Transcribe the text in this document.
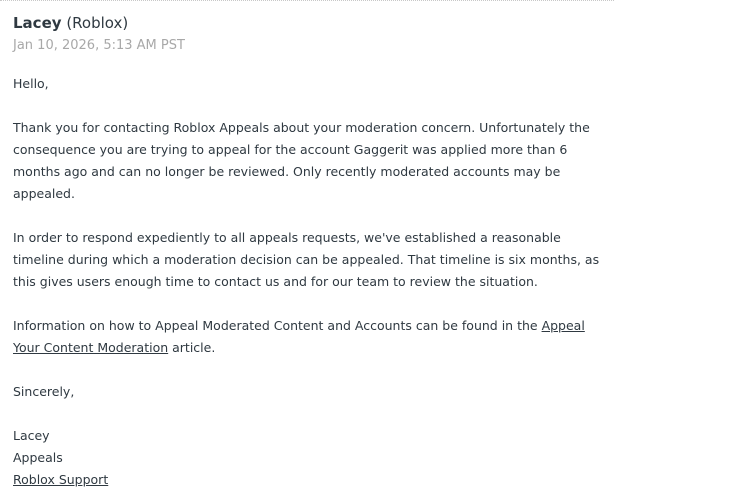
Lacey (Roblox)
Jan 10, 2026, 5:13 AM PST

Hello,

Thank you for contacting Roblox Appeals about your moderation concern. Unfortunately the consequence you are trying to appeal for the account Gaggerit was applied more than 6 months ago and can no longer be reviewed. Only recently moderated accounts may be appealed.

In order to respond expediently to all appeals requests, we've established a reasonable timeline during which a moderation decision can be appealed. That timeline is six months, as this gives users enough time to contact us and for our team to review the situation.

Information on how to Appeal Moderated Content and Accounts can be found in the Appeal Your Content Moderation article.

Sincerely,

Lacey

Appeals

Roblox Support
